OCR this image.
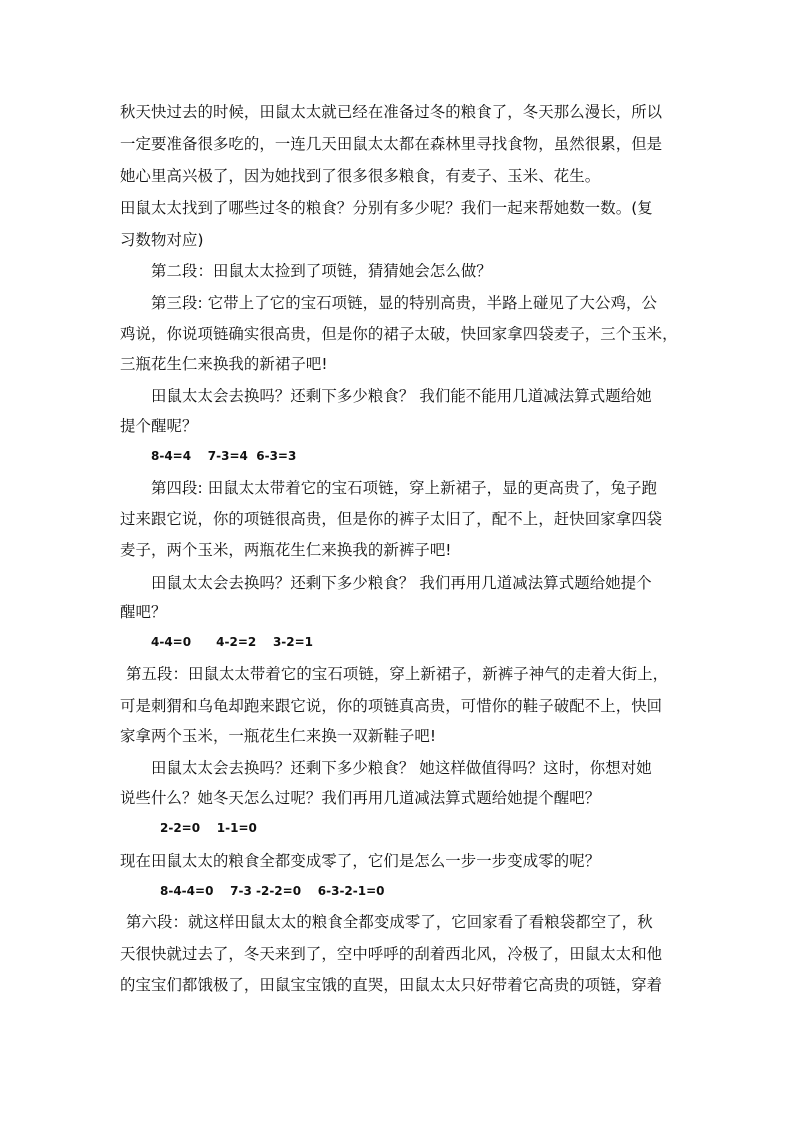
秋天快过去的时候，田鼠太太就已经在准备过冬的粮食了，冬天那么漫长，所以
一定要准备很多吃的，一连几天田鼠太太都在森林里寻找食物，虽然很累，但是
她心里高兴极了，因为她找到了很多很多粮食，有麦子、玉米、花生。
田鼠太太找到了哪些过冬的粮食？分别有多少呢？我们一起来帮她数一数。(复
习数物对应)
第二段：田鼠太太捡到了项链，猜猜她会怎么做？
第三段: 它带上了它的宝石项链，显的特别高贵，半路上碰见了大公鸡，公
鸡说，你说项链确实很高贵，但是你的裙子太破，快回家拿四袋麦子，三个玉米，
三瓶花生仁来换我的新裙子吧!
田鼠太太会去换吗？还剩下多少粮食？ 我们能不能用几道减法算式题给她
提个醒呢？
8-4=4    7-3=4  6-3=3
第四段: 田鼠太太带着它的宝石项链，穿上新裙子，显的更高贵了，兔子跑
过来跟它说，你的项链很高贵，但是你的裤子太旧了，配不上，赶快回家拿四袋
麦子，两个玉米，两瓶花生仁来换我的新裤子吧!
田鼠太太会去换吗？还剩下多少粮食？ 我们再用几道减法算式题给她提个
醒吧？
4-4=0      4-2=2    3-2=1
第五段：田鼠太太带着它的宝石项链，穿上新裙子，新裤子神气的走着大街上，
可是刺猬和乌龟却跑来跟它说，你的项链真高贵，可惜你的鞋子破配不上，快回
家拿两个玉米，一瓶花生仁来换一双新鞋子吧!
田鼠太太会去换吗？还剩下多少粮食？ 她这样做值得吗？这时，你想对她
说些什么？她冬天怎么过呢？我们再用几道减法算式题给她提个醒吧？
2-2=0    1-1=0
现在田鼠太太的粮食全都变成零了，它们是怎么一步一步变成零的呢？
8-4-4=0    7-3 -2-2=0    6-3-2-1=0
第六段：就这样田鼠太太的粮食全都变成零了，它回家看了看粮袋都空了，秋
天很快就过去了，冬天来到了，空中呼呼的刮着西北风，冷极了，田鼠太太和他
的宝宝们都饿极了，田鼠宝宝饿的直哭，田鼠太太只好带着它高贵的项链，穿着
